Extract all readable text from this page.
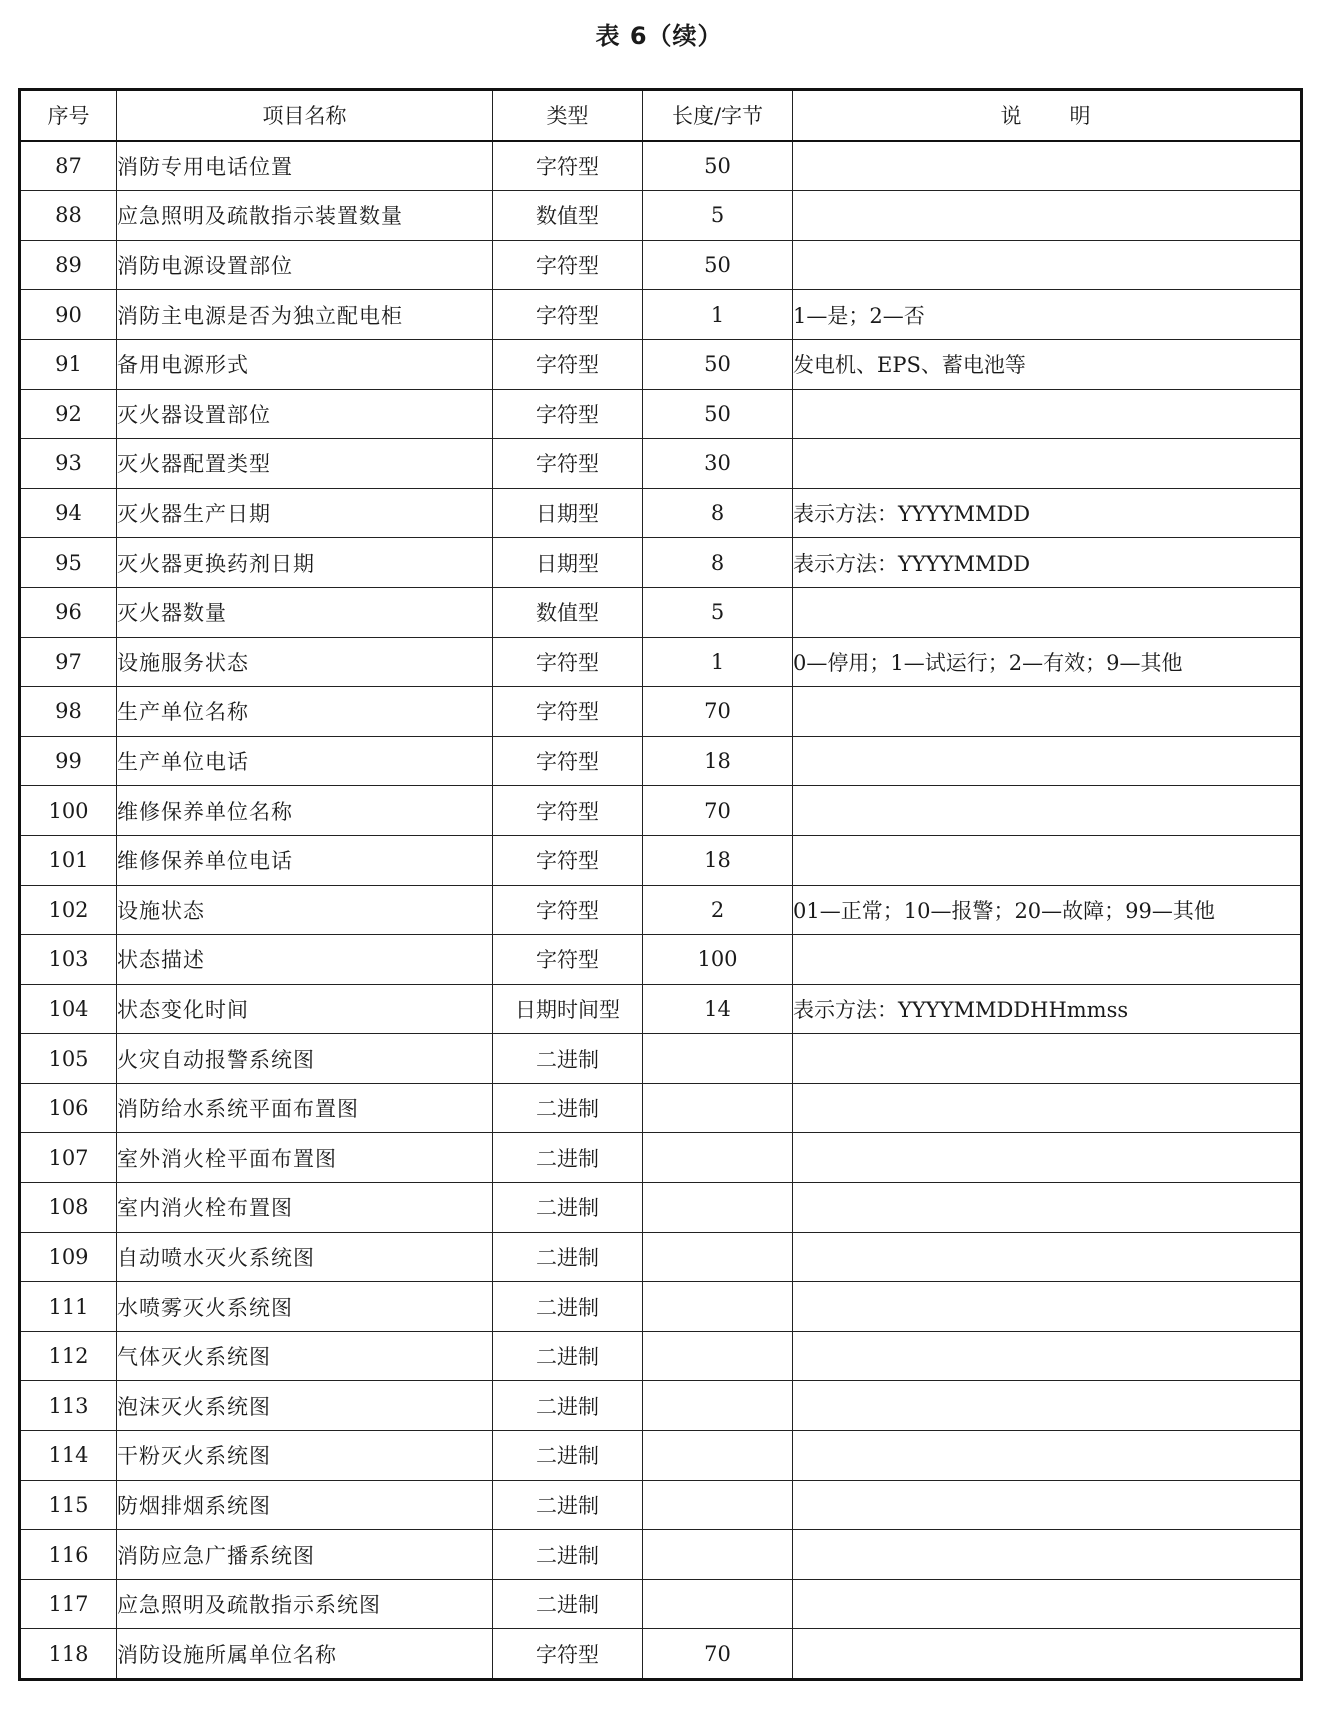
表 6（续）
序号	项目名称	类型	长度/字节	说　　明
87	消防专用电话位置	字符型	50	
88	应急照明及疏散指示装置数量	数值型	5	
89	消防电源设置部位	字符型	50	
90	消防主电源是否为独立配电柜	字符型	1	1—是；2—否
91	备用电源形式	字符型	50	发电机、EPS、蓄电池等
92	灭火器设置部位	字符型	50	
93	灭火器配置类型	字符型	30	
94	灭火器生产日期	日期型	8	表示方法：YYYYMMDD
95	灭火器更换药剂日期	日期型	8	表示方法：YYYYMMDD
96	灭火器数量	数值型	5	
97	设施服务状态	字符型	1	0—停用；1—试运行；2—有效；9—其他
98	生产单位名称	字符型	70	
99	生产单位电话	字符型	18	
100	维修保养单位名称	字符型	70	
101	维修保养单位电话	字符型	18	
102	设施状态	字符型	2	01—正常；10—报警；20—故障；99—其他
103	状态描述	字符型	100	
104	状态变化时间	日期时间型	14	表示方法：YYYYMMDDHHmmss
105	火灾自动报警系统图	二进制		
106	消防给水系统平面布置图	二进制		
107	室外消火栓平面布置图	二进制		
108	室内消火栓布置图	二进制		
109	自动喷水灭火系统图	二进制		
111	水喷雾灭火系统图	二进制		
112	气体灭火系统图	二进制		
113	泡沫灭火系统图	二进制		
114	干粉灭火系统图	二进制		
115	防烟排烟系统图	二进制		
116	消防应急广播系统图	二进制		
117	应急照明及疏散指示系统图	二进制		
118	消防设施所属单位名称	字符型	70	
